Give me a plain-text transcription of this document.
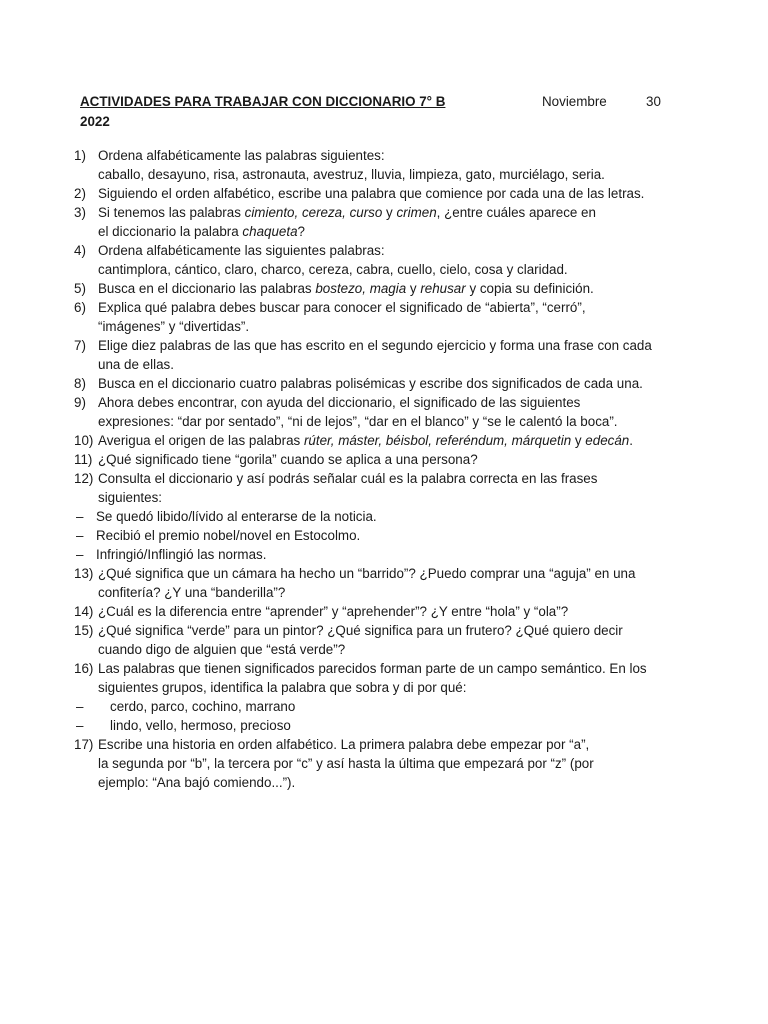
ACTIVIDADES PARA TRABAJAR CON DICCIONARIO 7° B	Noviembre	30
2022
1) Ordena alfabéticamente las palabras siguientes:
caballo, desayuno, risa, astronauta, avestruz, lluvia, limpieza, gato, murciélago, seria.
2) Siguiendo el orden alfabético, escribe una palabra que comience por cada una de las letras.
3) Si tenemos las palabras cimiento, cereza, curso y crimen, ¿entre cuáles aparece en
el diccionario la palabra chaqueta?
4) Ordena alfabéticamente las siguientes palabras:
cantimplora, cántico, claro, charco, cereza, cabra, cuello, cielo, cosa y claridad.
5) Busca en el diccionario las palabras bostezo, magia y rehusar y copia su definición.
6) Explica qué palabra debes buscar para conocer el significado de “abierta”, “cerró”,
“imágenes” y “divertidas”.
7) Elige diez palabras de las que has escrito en el segundo ejercicio y forma una frase con cada
una de ellas.
8) Busca en el diccionario cuatro palabras polisémicas y escribe dos significados de cada una.
9) Ahora debes encontrar, con ayuda del diccionario, el significado de las siguientes
expresiones: “dar por sentado”, “ni de lejos”, “dar en el blanco” y “se le calentó la boca”.
10) Averigua el origen de las palabras rúter, máster, béisbol, referéndum, márquetin y edecán.
11) ¿Qué significado tiene “gorila” cuando se aplica a una persona?
12) Consulta el diccionario y así podrás señalar cuál es la palabra correcta en las frases
siguientes:
– Se quedó libido/lívido al enterarse de la noticia.
– Recibió el premio nobel/novel en Estocolmo.
– Infringió/Inflingió las normas.
13) ¿Qué significa que un cámara ha hecho un “barrido”? ¿Puedo comprar una “aguja” en una
confitería? ¿Y una “banderilla”?
14) ¿Cuál es la diferencia entre “aprender” y “aprehender”? ¿Y entre “hola” y “ola”?
15) ¿Qué significa “verde” para un pintor? ¿Qué significa para un frutero? ¿Qué quiero decir
cuando digo de alguien que “está verde”?
16) Las palabras que tienen significados parecidos forman parte de un campo semántico. En los
siguientes grupos, identifica la palabra que sobra y di por qué:
– cerdo, parco, cochino, marrano
– lindo, vello, hermoso, precioso
17) Escribe una historia en orden alfabético. La primera palabra debe empezar por “a”,
la segunda por “b”, la tercera por “c” y así hasta la última que empezará por “z” (por
ejemplo: “Ana bajó comiendo...”).
